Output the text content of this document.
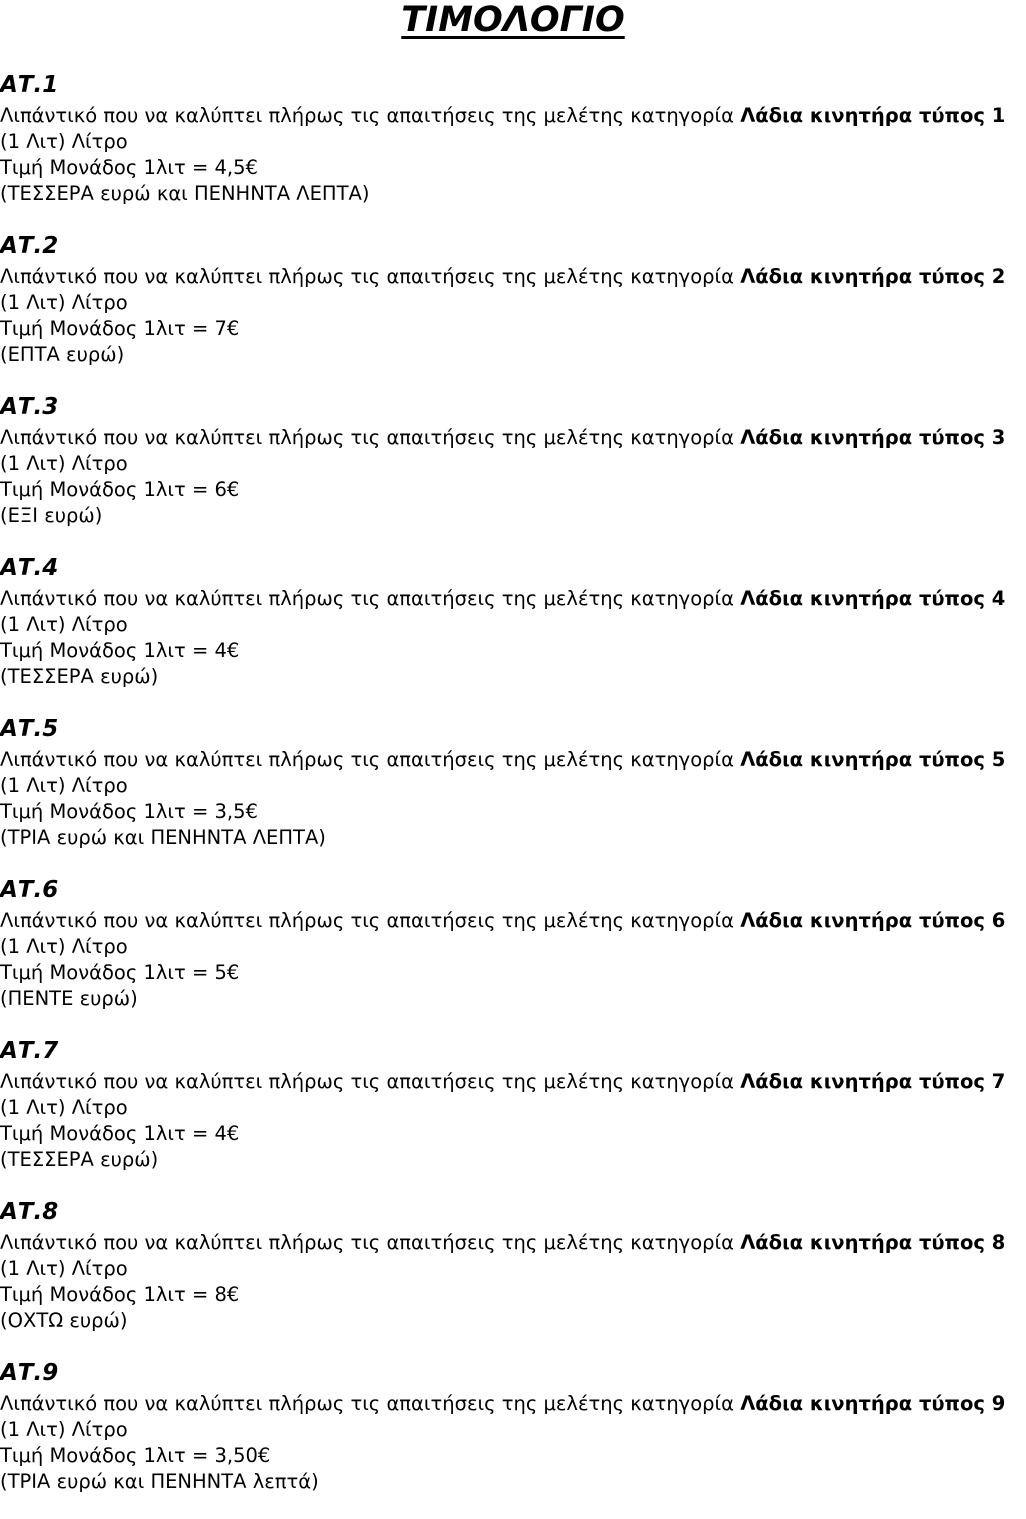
ΤΙΜΟΛΟΓΙΟ
ΑΤ.1
Λιπάντικό που να καλύπτει πλήρως τις απαιτήσεις της μελέτης κατηγορία Λάδια κινητήρα τύπος 1
(1 Λιτ) Λίτρο
Τιμή Μονάδος 1λιτ = 4,5€
(ΤΕΣΣΕΡΑ ευρώ και ΠΕΝΗΝΤΑ ΛΕΠΤΑ)
ΑΤ.2
Λιπάντικό που να καλύπτει πλήρως τις απαιτήσεις της μελέτης κατηγορία Λάδια κινητήρα τύπος 2
(1 Λιτ) Λίτρο
Τιμή Μονάδος 1λιτ = 7€
(ΕΠΤΑ ευρώ)
ΑΤ.3
Λιπάντικό που να καλύπτει πλήρως τις απαιτήσεις της μελέτης κατηγορία Λάδια κινητήρα τύπος 3
(1 Λιτ) Λίτρο
Τιμή Μονάδος 1λιτ = 6€
(ΕΞΙ ευρώ)
ΑΤ.4
Λιπάντικό που να καλύπτει πλήρως τις απαιτήσεις της μελέτης κατηγορία Λάδια κινητήρα τύπος 4
(1 Λιτ) Λίτρο
Τιμή Μονάδος 1λιτ = 4€
(ΤΕΣΣΕΡΑ ευρώ)
ΑΤ.5
Λιπάντικό που να καλύπτει πλήρως τις απαιτήσεις της μελέτης κατηγορία Λάδια κινητήρα τύπος 5
(1 Λιτ) Λίτρο
Τιμή Μονάδος 1λιτ = 3,5€
(ΤΡΙΑ ευρώ και ΠΕΝΗΝΤΑ ΛΕΠΤΑ)
ΑΤ.6
Λιπάντικό που να καλύπτει πλήρως τις απαιτήσεις της μελέτης κατηγορία Λάδια κινητήρα τύπος 6
(1 Λιτ) Λίτρο
Τιμή Μονάδος 1λιτ = 5€
(ΠΕΝΤΕ ευρώ)
ΑΤ.7
Λιπάντικό που να καλύπτει πλήρως τις απαιτήσεις της μελέτης κατηγορία Λάδια κινητήρα τύπος 7
(1 Λιτ) Λίτρο
Τιμή Μονάδος 1λιτ = 4€
(ΤΕΣΣΕΡΑ ευρώ)
ΑΤ.8
Λιπάντικό που να καλύπτει πλήρως τις απαιτήσεις της μελέτης κατηγορία Λάδια κινητήρα τύπος 8
(1 Λιτ) Λίτρο
Τιμή Μονάδος 1λιτ = 8€
(ΟΧΤΩ ευρώ)
ΑΤ.9
Λιπάντικό που να καλύπτει πλήρως τις απαιτήσεις της μελέτης κατηγορία Λάδια κινητήρα τύπος 9
(1 Λιτ) Λίτρο
Τιμή Μονάδος 1λιτ = 3,50€
(ΤΡΙΑ ευρώ και ΠΕΝΗΝΤΑ λεπτά)
